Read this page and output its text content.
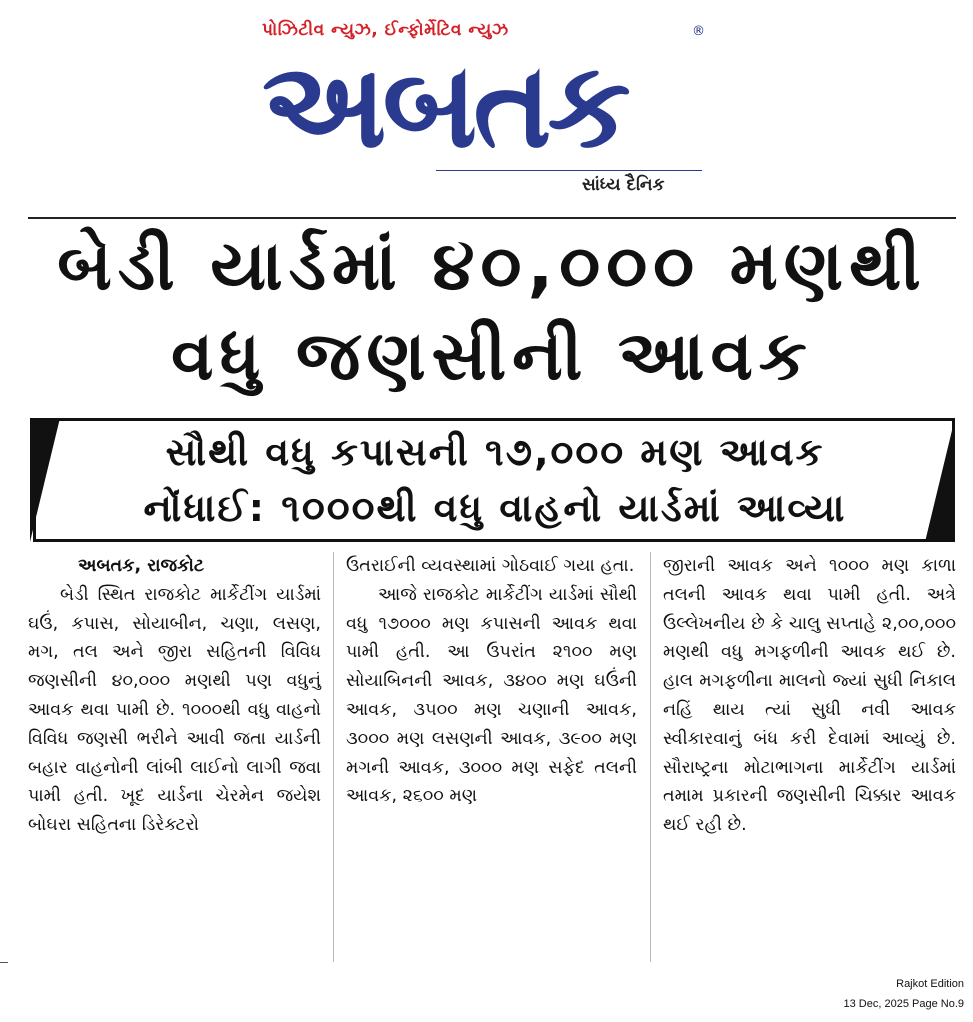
પોઝિટીવ ન્યુઝ, ઈન્ફોર્મેટિવ ન્યુઝ	®
અબતક
સાંધ્ય દૈનિક
બેડી યાર્ડમાં ૪૦,૦૦૦ મણથી
વધુ જણસીની આવક
સૌથી વધુ કપાસની ૧૭,૦૦૦ મણ આવક
નોંધાઈ: ૧૦૦૦થી વધુ વાહનો યાર્ડમાં આવ્યા
અબતક, રાજકોટ

બેડી સ્થિત રાજકોટ માર્કેટીંગ યાર્ડમાં ઘઉં, કપાસ, સોયાબીન, ચણા, લસણ, મગ, તલ અને જીરા સહિતની વિવિધ જણસીની ૪૦,૦૦૦ મણથી પણ વધુનું આવક થવા પામી છે. ૧૦૦૦થી વધુ વાહનો વિવિધ જણસી ભરીને આવી જતા યાર્ડની બહાર વાહનોની લાંબી લાઈનો લાગી જવા પામી હતી. ખૂદ યાર્ડના ચેરમેન જયેશ બોઘરા સહિતના ડિરેક્ટરો

ઉતરાઈની વ્યવસ્થામાં ગોઠવાઈ ગયા હતા.

આજે રાજકોટ માર્કેટીંગ યાર્ડમાં સૌથી વધુ ૧૭૦૦૦ મણ કપાસની આવક થવા પામી હતી. આ ઉપરાંત ૨૧૦૦ મણ સોયાબિનની આવક, ૩૪૦૦ મણ ઘઉંની આવક, ૩૫૦૦ મણ ચણાની આવક, ૩૦૦૦ મણ લસણની આવક, ૩૯૦૦ મણ મગની આવક, ૩૦૦૦ મણ સફેદ તલની આવક, ૨૬૦૦ મણ

જીરાની આવક અને ૧૦૦૦ મણ કાળા તલની આવક થવા પામી હતી. અત્રે ઉલ્લેખનીય છે કે ચાલુ સપ્તાહે ૨,૦૦,૦૦૦ મણથી વધુ મગફળીની આવક થઈ છે. હાલ મગફળીના માલનો જ્યાં સુધી નિકાલ નહિં થાય ત્યાં સુધી નવી આવક સ્વીકારવાનું બંધ કરી દેવામાં આવ્યું છે. સૌરાષ્ટ્રના મોટાભાગના માર્કેટીંગ યાર્ડમાં તમામ પ્રકારની જણસીની ચિક્કાર આવક થઈ રહી છે.

Rajkot Edition
13 Dec, 2025 Page No.9
